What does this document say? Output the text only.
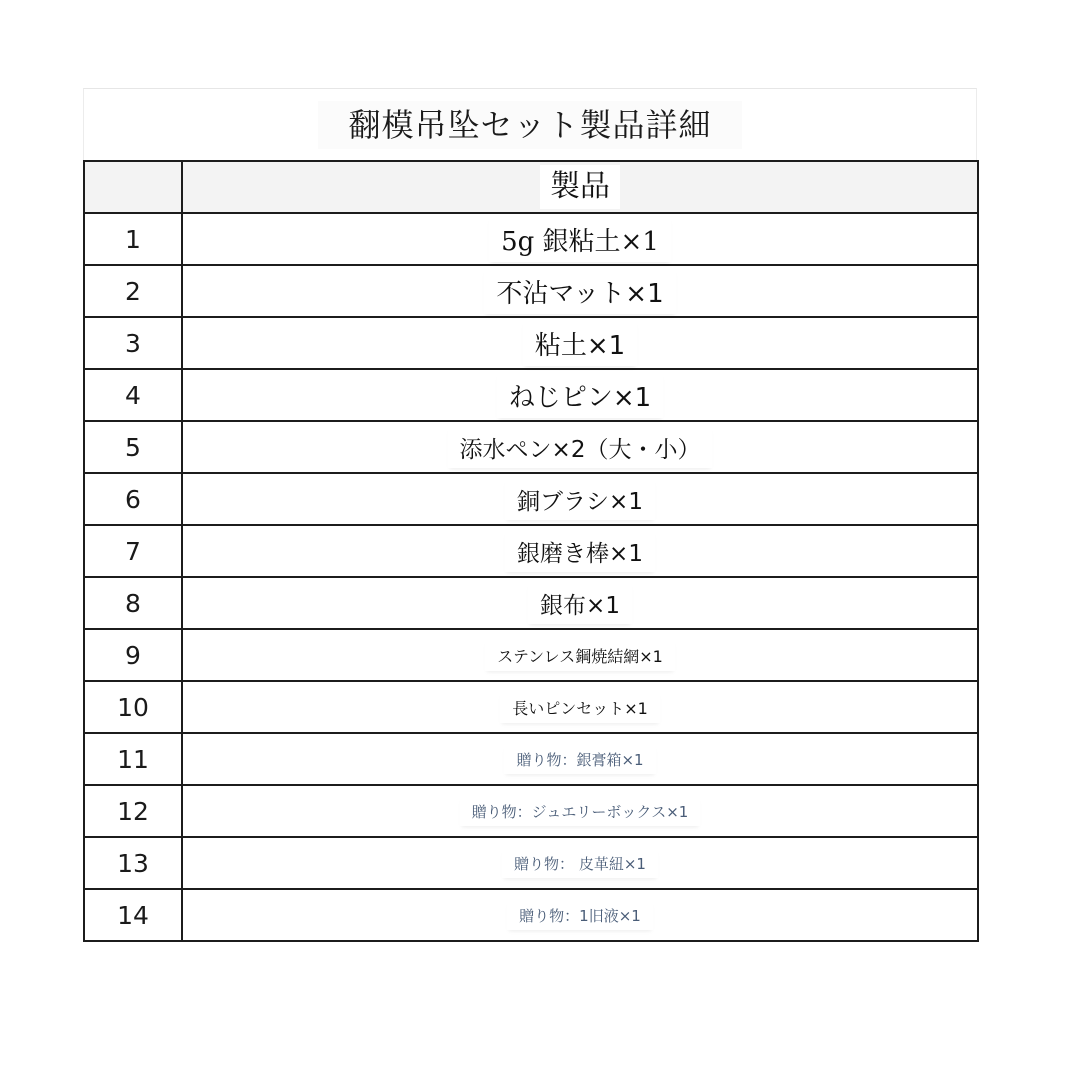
翻模吊坠セット製品詳細
	製品
1	5g 銀粘土×1
2	不沾マット×1
3	粘土×1
4	ねじピン×1
5	添水ペン×2（大・小）
6	銅ブラシ×1
7	銀磨き棒×1
8	銀布×1
9	ステンレス鋼焼結網×1
10	長いピンセット×1
11	贈り物：銀膏箱×1
12	贈り物：ジュエリーボックス×1
13	贈り物： 皮革紐×1
14	贈り物：1旧液×1
